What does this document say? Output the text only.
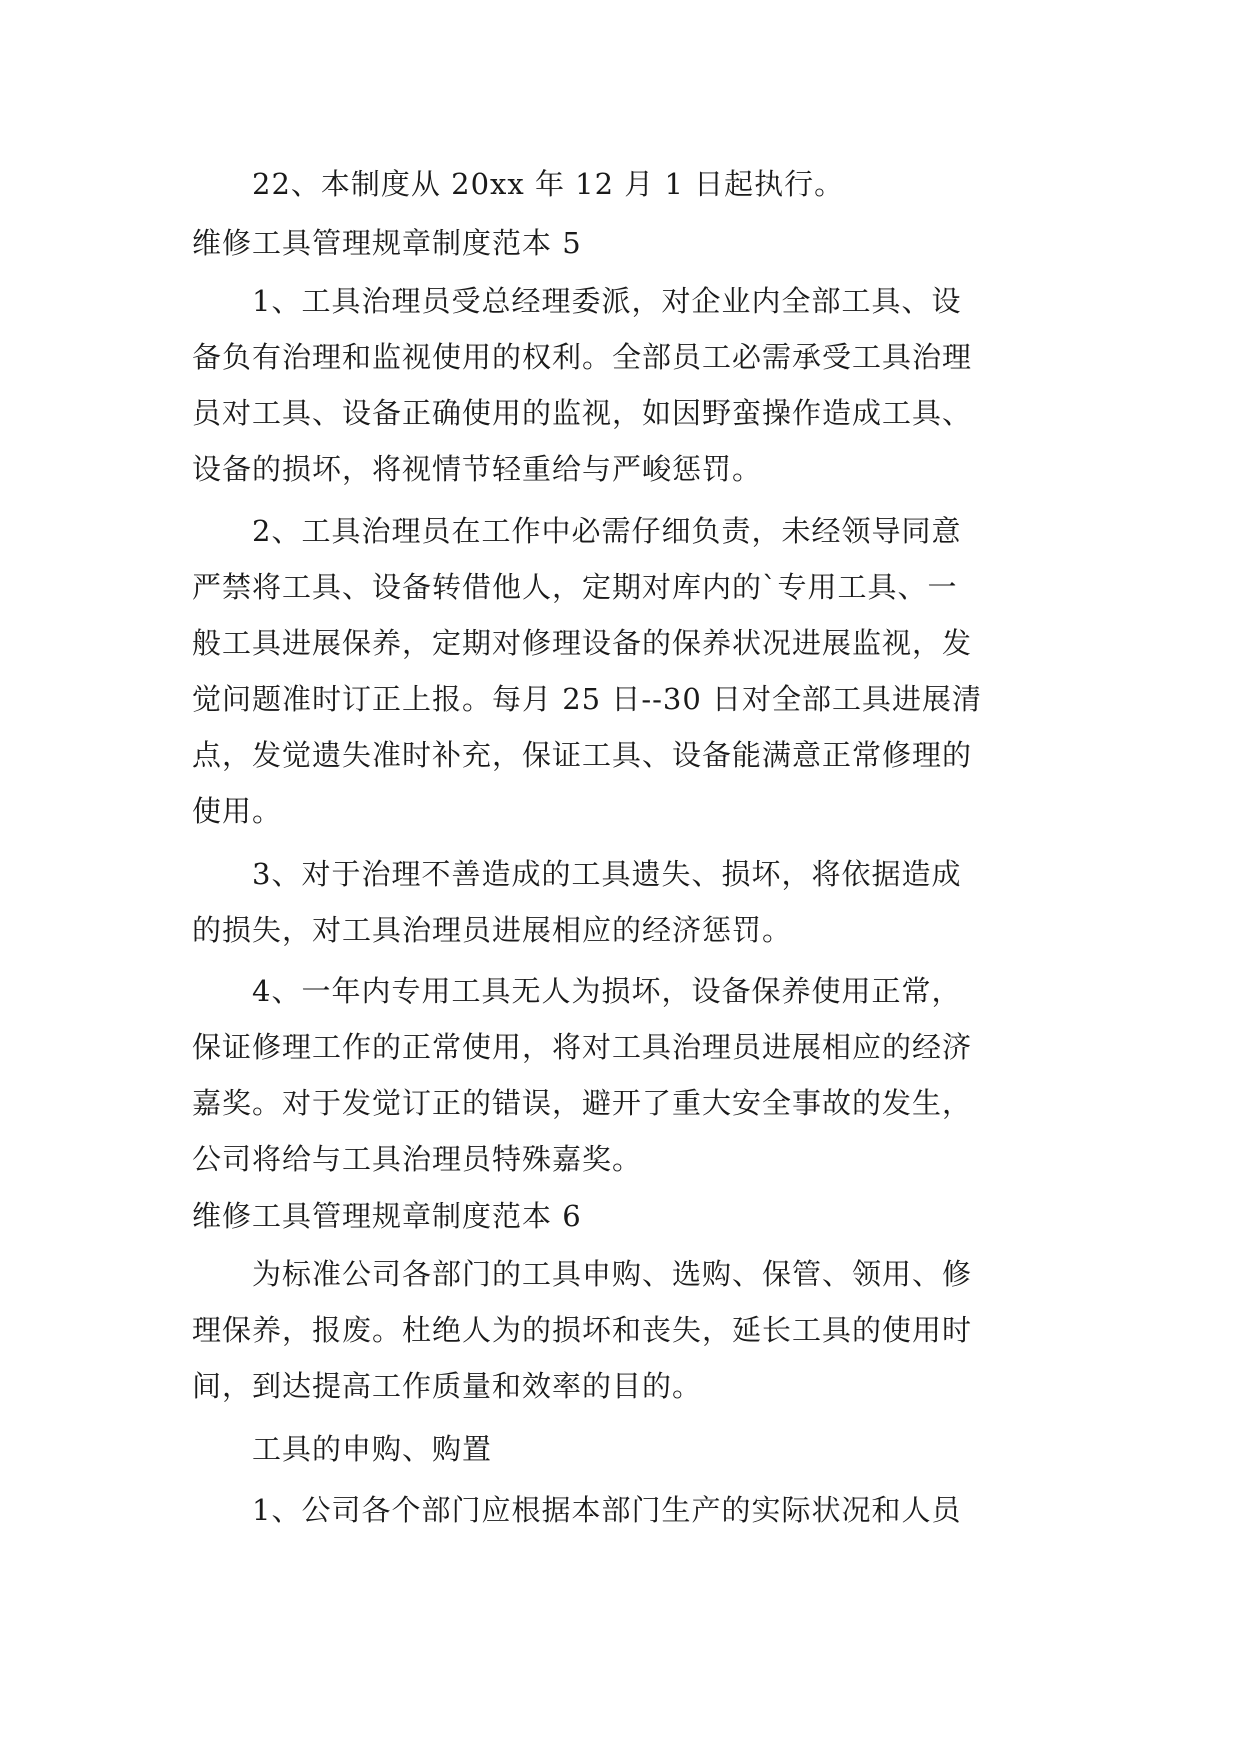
22、本制度从 20xx 年 12 月 1 日起执行。
维修工具管理规章制度范本 5
1、工具治理员受总经理委派，对企业内全部工具、设
备负有治理和监视使用的权利。全部员工必需承受工具治理
员对工具、设备正确使用的监视，如因野蛮操作造成工具、
设备的损坏，将视情节轻重给与严峻惩罚。
2、工具治理员在工作中必需仔细负责，未经领导同意
严禁将工具、设备转借他人，定期对库内的`专用工具、一
般工具进展保养，定期对修理设备的保养状况进展监视，发
觉问题准时订正上报。每月 25 日--30 日对全部工具进展清
点，发觉遗失准时补充，保证工具、设备能满意正常修理的
使用。
3、对于治理不善造成的工具遗失、损坏，将依据造成
的损失，对工具治理员进展相应的经济惩罚。
4、一年内专用工具无人为损坏，设备保养使用正常，
保证修理工作的正常使用，将对工具治理员进展相应的经济
嘉奖。对于发觉订正的错误，避开了重大安全事故的发生，
公司将给与工具治理员特殊嘉奖。
维修工具管理规章制度范本 6
为标准公司各部门的工具申购、选购、保管、领用、修
理保养，报废。杜绝人为的损坏和丧失，延长工具的使用时
间，到达提高工作质量和效率的目的。
工具的申购、购置
1、公司各个部门应根据本部门生产的实际状况和人员
